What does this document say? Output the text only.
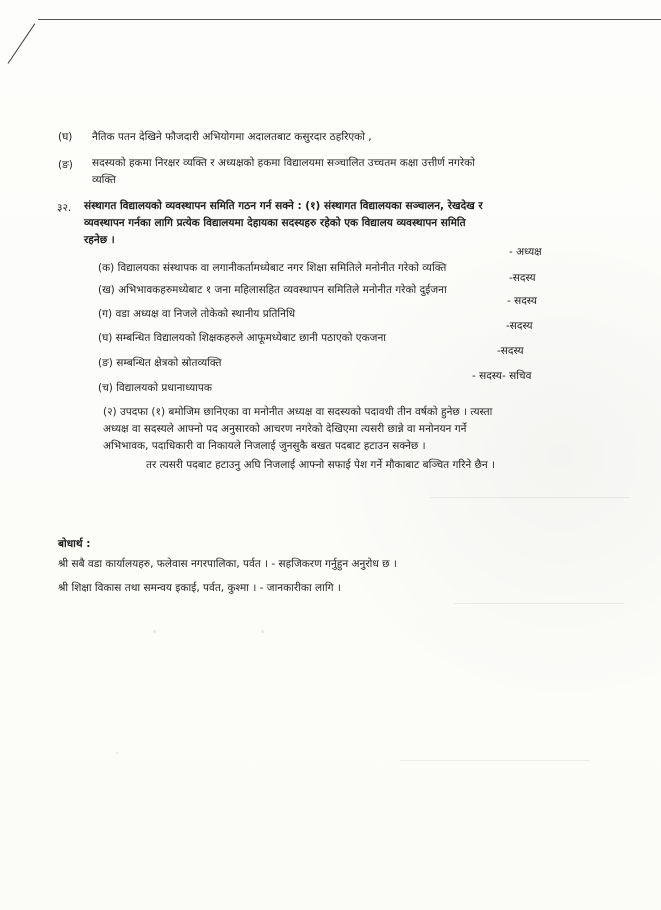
(घ) नैतिक पतन देखिने फौजदारी अभियोगमा अदालतबाट कसुरदार ठहरिएको ,
(ङ) सदस्यको हकमा निरक्षर व्यक्ति र अध्यक्षको हकमा विद्यालयमा सञ्चालित उच्चतम कक्षा उत्तीर्ण नगरेको
व्यक्ति
३२. संस्थागत विद्यालयको व्यवस्थापन समिति गठन गर्न सक्ने : (१) संस्थागत विद्यालयका सञ्चालन, रेखदेख र
व्यवस्थापन गर्नका लागि प्रत्येक विद्यालयमा देहायका सदस्यहरु रहेको एक विद्यालय व्यवस्थापन समिति
रहनेछ ।
(क) विद्यालयका संस्थापक वा लगानीकर्तामध्येबाट नगर शिक्षा समितिले मनोनीत गरेको व्यक्ति
- अध्यक्ष
(ख) अभिभावकहरुमध्येबाट १ जना महिलासहित व्यवस्थापन समितिले मनोनीत गरेको दुईजना
-सदस्य
(ग) वडा अध्यक्ष वा निजले तोकेको स्थानीय प्रतिनिधि
- सदस्य
(घ) सम्बन्धित विद्यालयको शिक्षकहरुले आफूमध्येबाट छानी पठाएको एकजना
-सदस्य
(ङ) सम्बन्धित क्षेत्रको स्रोतव्यक्ति
-सदस्य
(च) विद्यालयको प्रधानाध्यापक
- सदस्य- सचिव
(२) उपदफा (१) बमोजिम छानिएका वा मनोनीत अध्यक्ष वा सदस्यको पदावधी तीन वर्षको हुनेछ । त्यस्ता
अध्यक्ष वा सदस्यले आफ्नो पद अनुसारको आचरण नगरेको देखिएमा त्यसरी छान्ने वा मनोनयन गर्ने
अभिभावक, पदाधिकारी वा निकायले निजलाई जुनसुकै बखत पदबाट हटाउन सक्नेछ ।
तर त्यसरी पदबाट हटाउनु अघि निजलाई आफ्नो सफाई पेश गर्ने मौकाबाट बञ्चित गरिने छैन ।
बोधार्थ :
श्री सबै वडा कार्यालयहरु, फलेवास नगरपालिका, पर्वत । - सहजिकरण गर्नुहुन अनुरोध छ ।
श्री शिक्षा विकास तथा समन्वय इकाई, पर्वत, कुश्मा । - जानकारीका लागि ।
